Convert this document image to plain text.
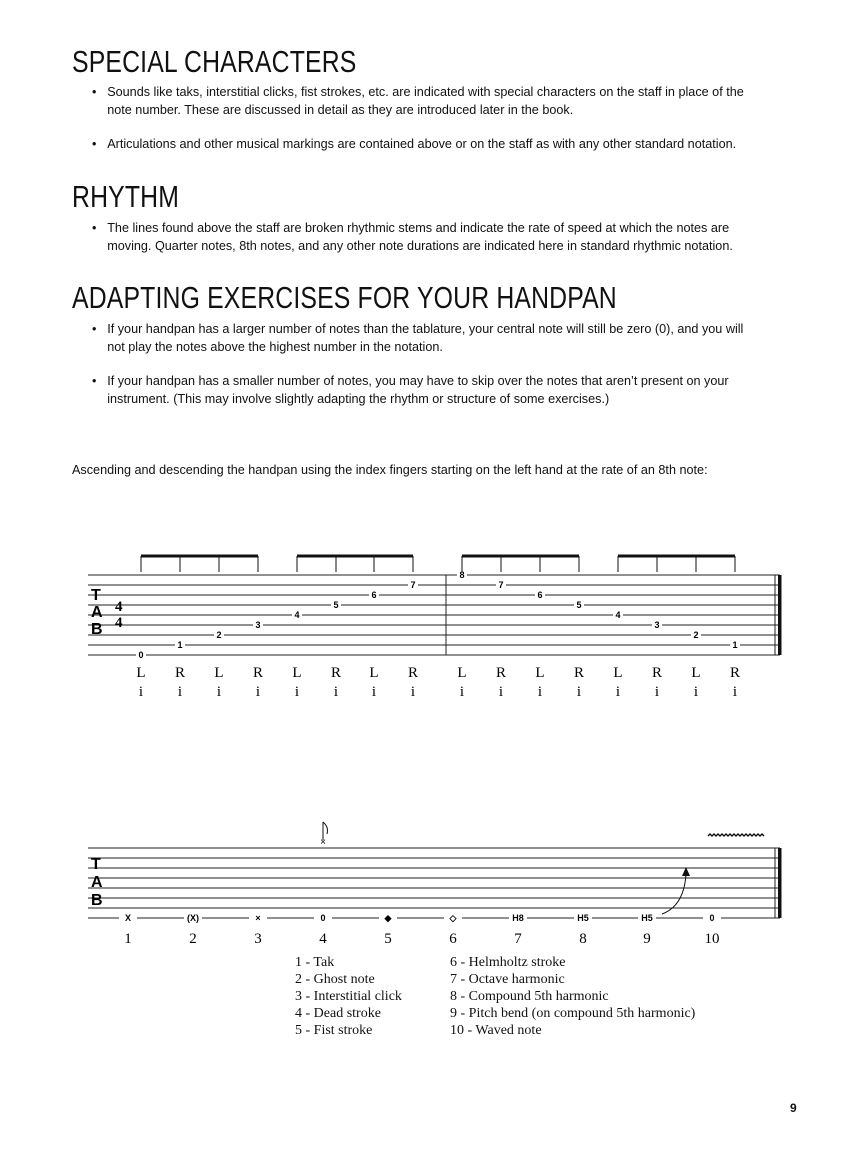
SPECIAL CHARACTERS
• Sounds like taks, interstitial clicks, fist strokes, etc. are indicated with special characters on the staff in place of the note number. These are discussed in detail as they are introduced later in the book.
• Articulations and other musical markings are contained above or on the staff as with any other standard notation.
RHYTHM
• The lines found above the staff are broken rhythmic stems and indicate the rate of speed at which the notes are moving. Quarter notes, 8th notes, and any other note durations are indicated here in standard rhythmic notation.
ADAPTING EXERCISES FOR YOUR HANDPAN
• If your handpan has a larger number of notes than the tablature, your central note will still be zero (0), and you will not play the notes above the highest number in the notation.
• If your handpan has a smaller number of notes, you may have to skip over the notes that aren’t present on your instrument. (This may involve slightly adapting the rhythm or structure of some exercises.)
Ascending and descending the handpan using the index fingers starting on the left hand at the rate of an 8th note:
T
A
B
4
4
0
L
i
1
R
i
2
L
i
3
R
i
4
L
i
5
R
i
6
L
i
7
R
i
8
L
i
7
R
i
6
L
i
5
R
i
4
L
i
3
R
i
2
L
i
1
R
i
T
A
B
X
1
(X)
2
×
3
0
4
◆
5
◇
6
H8
7
H5
8
H5
9
0
10
×
1 - Tak
2 - Ghost note
3 - Interstitial click
4 - Dead stroke
5 - Fist stroke
6 - Helmholtz stroke
7 - Octave harmonic
8 - Compound 5th harmonic
9 - Pitch bend (on compound 5th harmonic)
10 - Waved note
9
